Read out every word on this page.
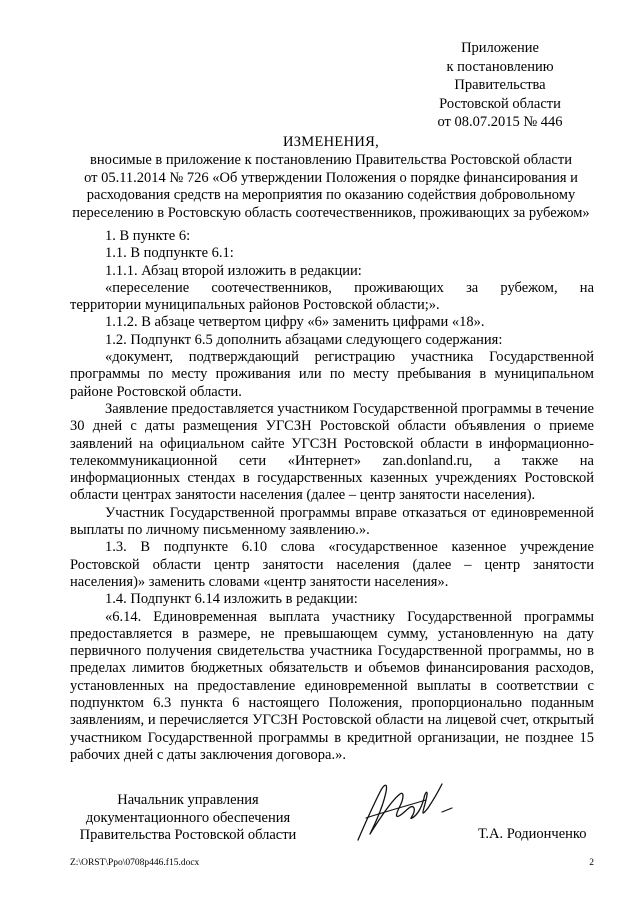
Приложение
к постановлению
Правительства
Ростовской области
от 08.07.2015 № 446
ИЗМЕНЕНИЯ,
вносимые в приложение к постановлению Правительства Ростовской области
от 05.11.2014 № 726 «Об утверждении Положения о порядке финансирования и
расходования средств на мероприятия по оказанию содействия добровольному
переселению в Ростовскую область соотечественников, проживающих за рубежом»

1. В пункте 6:

1.1. В подпункте 6.1:

1.1.1. Абзац второй изложить в редакции:

«переселение соотечественников, проживающих за рубежом, на

территории муниципальных районов Ростовской области;».

1.1.2. В абзаце четвертом цифру «6» заменить цифрами «18».

1.2. Подпункт 6.5 дополнить абзацами следующего содержания:

«документ, подтверждающий регистрацию участника Государственной программы по месту проживания или по месту пребывания в муниципальном районе Ростовской области.

Заявление предоставляется участником Государственной программы в течение 30 дней с даты размещения УГСЗН Ростовской области объявления о приеме заявлений на официальном сайте УГСЗН Ростовской области в информационно-телекоммуникационной сети «Интернет» zan.donland.ru, а также на информационных стендах в государственных казенных учреждениях Ростовской области центрах занятости населения (далее – центр занятости населения).

Участник Государственной программы вправе отказаться от единовременной выплаты по личному письменному заявлению.».

1.3. В подпункте 6.10 слова «государственное казенное учреждение Ростовской области центр занятости населения (далее – центр занятости населения)» заменить словами «центр занятости населения».

1.4. Подпункт 6.14 изложить в редакции:

«6.14. Единовременная выплата участнику Государственной программы предоставляется в размере, не превышающем сумму, установленную на дату первичного получения свидетельства участника Государственной программы, но в пределах лимитов бюджетных обязательств и объемов финансирования расходов, установленных на предоставление единовременной выплаты в соответствии с подпунктом 6.3 пункта 6 настоящего Положения, пропорционально поданным заявлениям, и перечисляется УГСЗН Ростовской области на лицевой счет, открытый участником Государственной программы в кредитной организации, не позднее 15 рабочих дней с даты заключения договора.».

Начальник управления
документационного обеспечения
Правительства Ростовской области	Т.А. Родионченко
Z:\ORST\Ppo\0708p446.f15.docx	2
